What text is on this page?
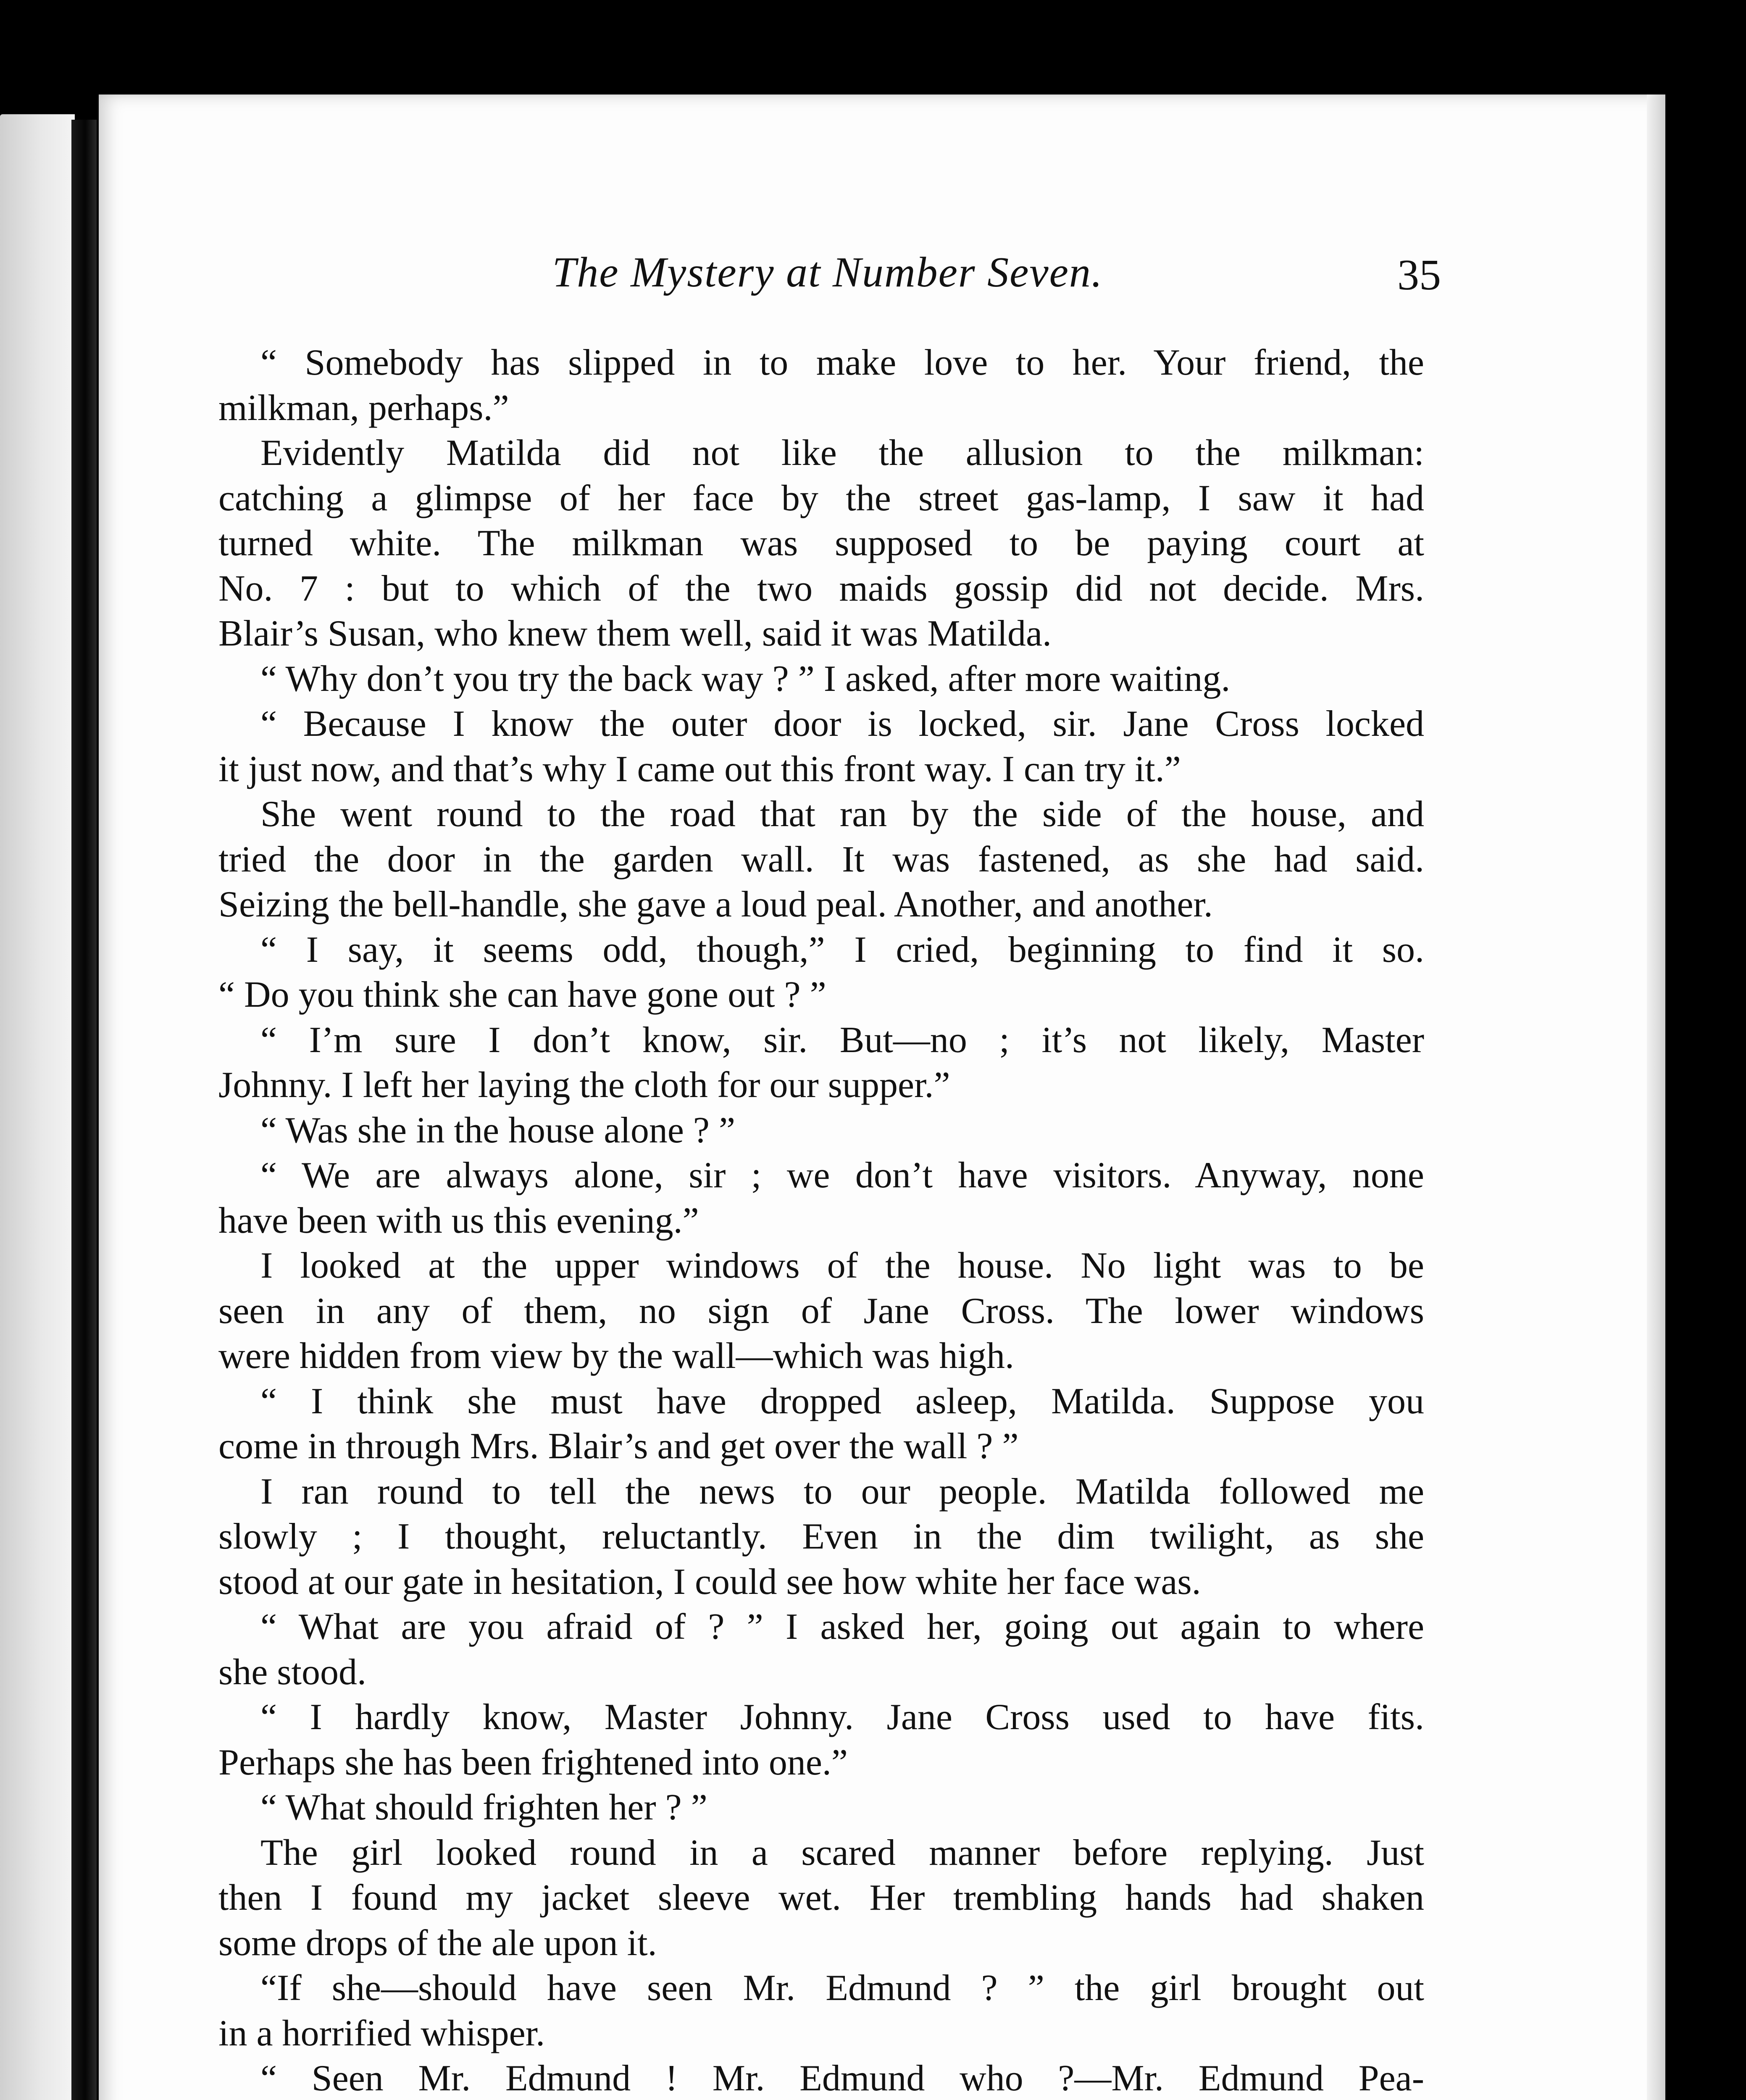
The Mystery at Number Seven.	35
“ Somebody has slipped in to make love to her. Your friend, the
milkman, perhaps.”
Evidently Matilda did not like the allusion to the milkman:
catching a glimpse of her face by the street gas-lamp, I saw it had
turned white. The milkman was supposed to be paying court at
No. 7 : but to which of the two maids gossip did not decide. Mrs.
Blair’s Susan, who knew them well, said it was Matilda.
“ Why don’t you try the back way ? ” I asked, after more waiting.
“ Because I know the outer door is locked, sir. Jane Cross locked
it just now, and that’s why I came out this front way. I can try it.”
She went round to the road that ran by the side of the house, and
tried the door in the garden wall. It was fastened, as she had said.
Seizing the bell-handle, she gave a loud peal. Another, and another.
“ I say, it seems odd, though,” I cried, beginning to find it so.
“ Do you think she can have gone out ? ”
“ I’m sure I don’t know, sir. But—no ; it’s not likely, Master
Johnny. I left her laying the cloth for our supper.”
“ Was she in the house alone ? ”
“ We are always alone, sir ; we don’t have visitors. Anyway, none
have been with us this evening.”
I looked at the upper windows of the house. No light was to be
seen in any of them, no sign of Jane Cross. The lower windows
were hidden from view by the wall—which was high.
“ I think she must have dropped asleep, Matilda. Suppose you
come in through Mrs. Blair’s and get over the wall ? ”
I ran round to tell the news to our people. Matilda followed me
slowly ; I thought, reluctantly. Even in the dim twilight, as she
stood at our gate in hesitation, I could see how white her face was.
“ What are you afraid of ? ” I asked her, going out again to where
she stood.
“ I hardly know, Master Johnny. Jane Cross used to have fits.
Perhaps she has been frightened into one.”
“ What should frighten her ? ”
The girl looked round in a scared manner before replying. Just
then I found my jacket sleeve wet. Her trembling hands had shaken
some drops of the ale upon it.
“If she—should have seen Mr. Edmund ? ” the girl brought out
in a horrified whisper.
“ Seen Mr. Edmund ! Mr. Edmund who ?—Mr. Edmund Pea-
